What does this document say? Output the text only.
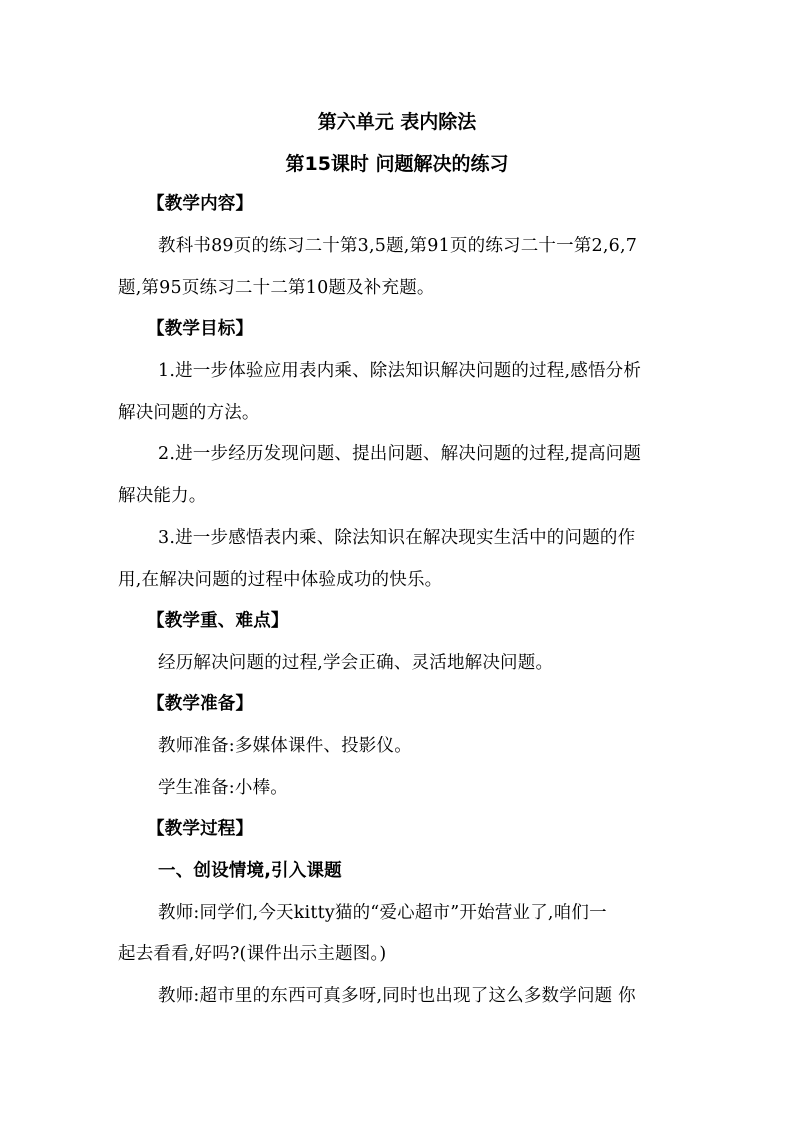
第六单元 表内除法
第15课时 问题解决的练习
【教学内容】
教科书89页的练习二十第3,5题,第91页的练习二十一第2,6,7
题,第95页练习二十二第10题及补充题。
【教学目标】
1.进一步体验应用表内乘、除法知识解决问题的过程,感悟分析
解决问题的方法。
2.进一步经历发现问题、提出问题、解决问题的过程,提高问题
解决能力。
3.进一步感悟表内乘、除法知识在解决现实生活中的问题的作
用,在解决问题的过程中体验成功的快乐。
【教学重、难点】
经历解决问题的过程,学会正确、灵活地解决问题。
【教学准备】
教师准备:多媒体课件、投影仪。
学生准备:小棒。
【教学过程】
一、创设情境,引入课题
教师:同学们,今天kitty猫的“爱心超市”开始营业了,咱们一
起去看看,好吗?(课件出示主题图。)
教师:超市里的东西可真多呀,同时也出现了这么多数学问题 你
